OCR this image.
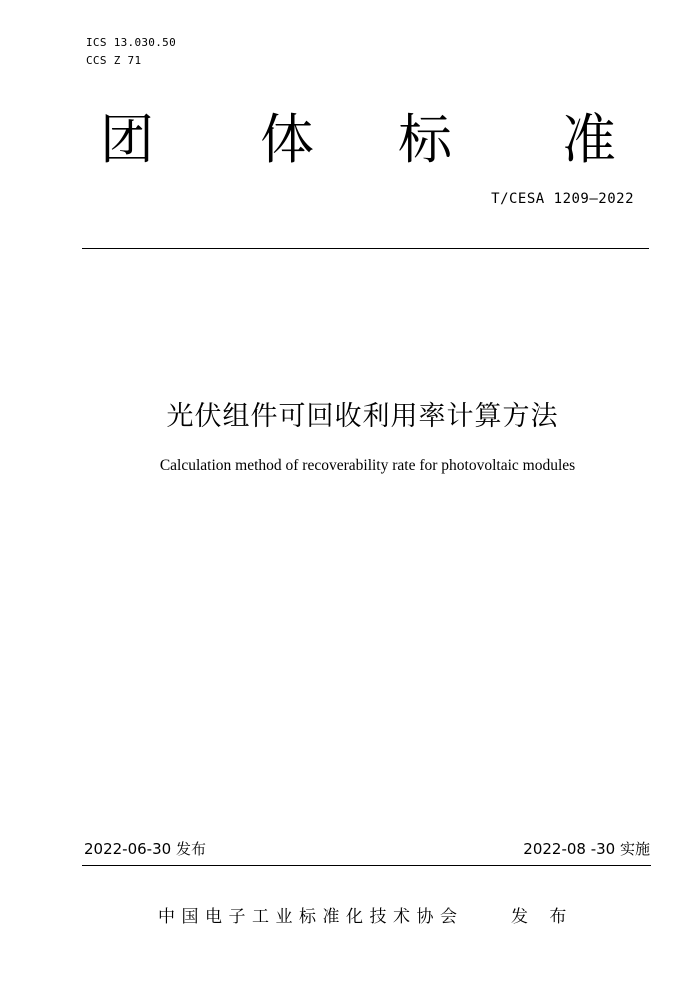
ICS 13.030.50
CCS Z 71
团 体 标 准
T/CESA 1209—2022
光伏组件可回收利用率计算方法
Calculation method of recoverability rate for photovoltaic modules
2022-06-30 发布	2022-08 -30 实施
中国电子工业标准化技术协会	发 布
